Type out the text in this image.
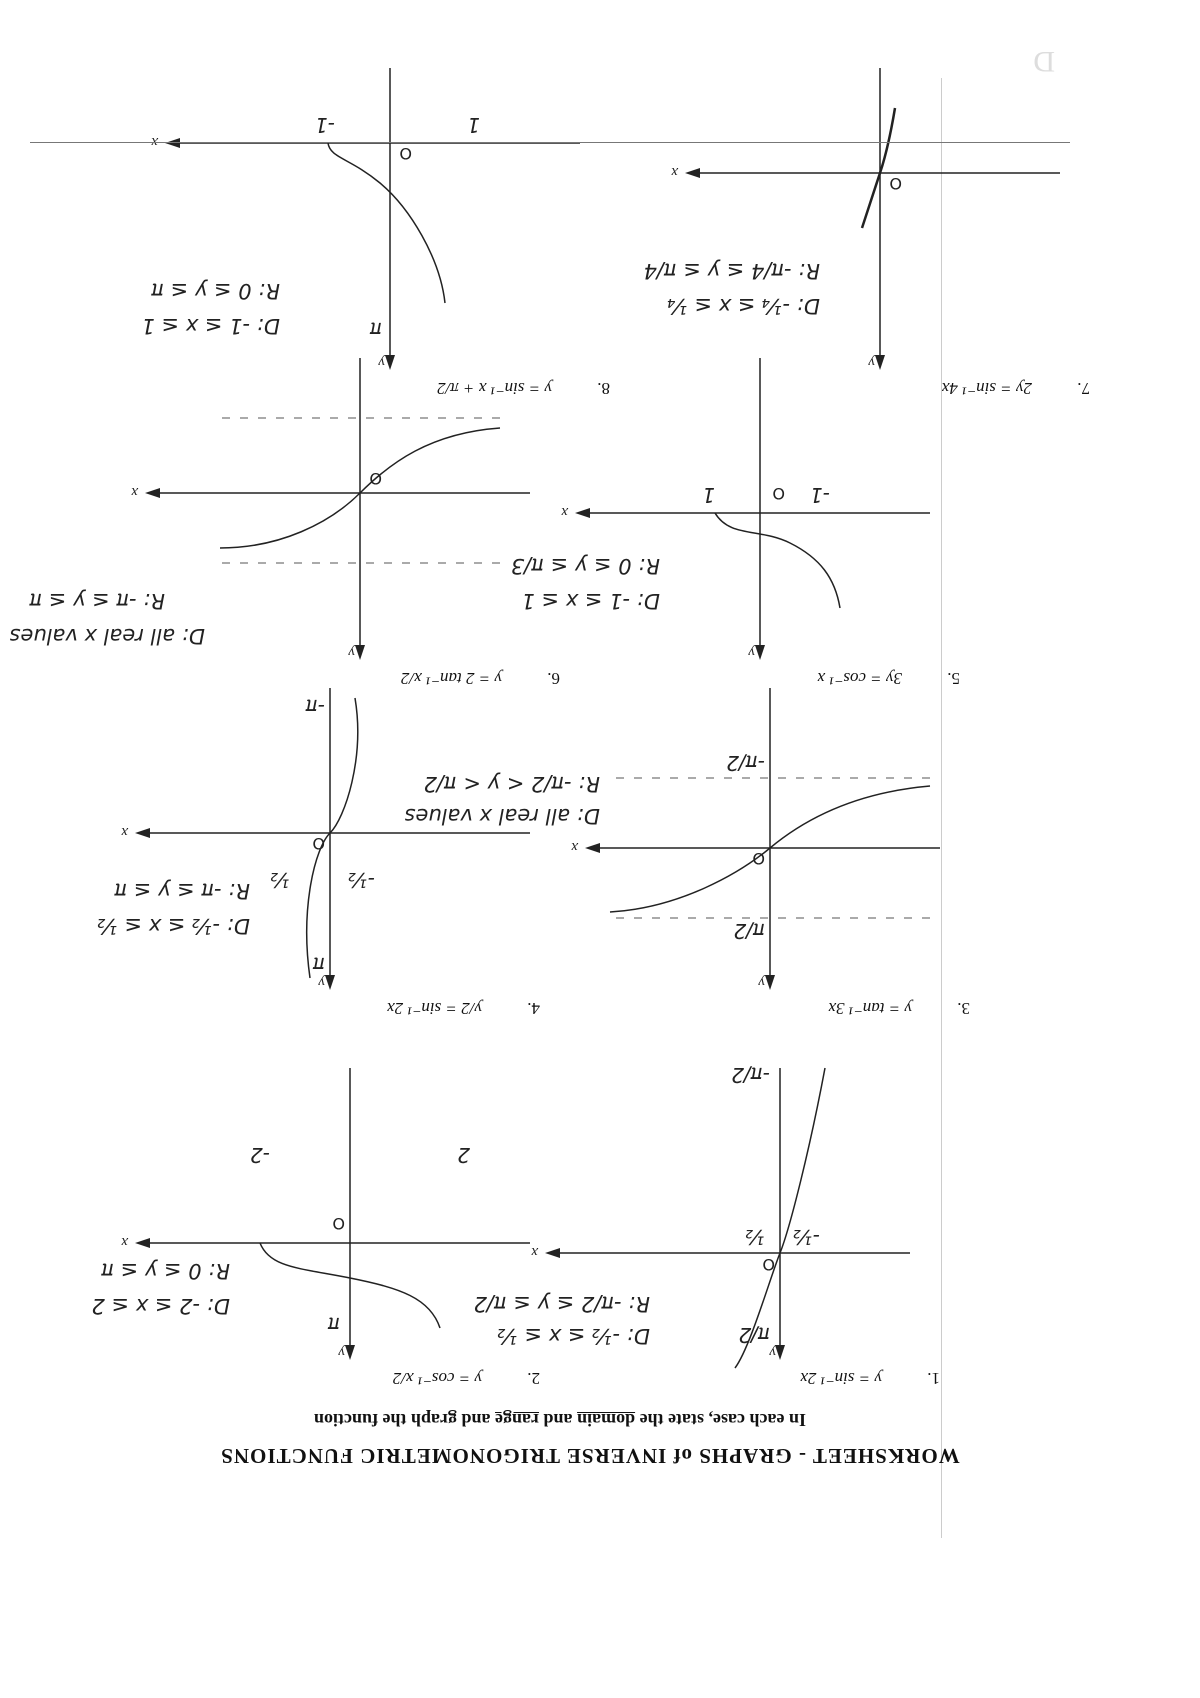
D
WORKSHEET - GRAPHS of INVERSE TRIGONOMETRIC FUNCTIONS
In each case, state the domain and range and graph the function
1.
y = sin⁻¹ 2x
x
y
O
π/2
-π/2
-½
½
D: -½ ≤ x ≤ ½
R: -π/2 ≤ y ≤ π/2
2.
y = cos⁻¹ x/2
x
y
O
π
-2	2
D: -2 ≤ x ≤ 2
R: 0 ≤ y ≤ π
3.
y = tan⁻¹ 3x
x
y
O
π/2
-π/2
D: all real x values
R: -π/2 < y < π/2
4.
y/2 = sin⁻¹ 2x
x
y
O
π
-π
½	-½
D: -½ ≤ x ≤ ½
R: -π ≤ y ≤ π
5.
3y = cos⁻¹ x
x
y
O
1	-1
D: -1 ≤ x ≤ 1
R: 0 ≤ y ≤ π/3
6.
y = 2 tan⁻¹ x/2
x
y
O
D: all real x values
R: -π ≤ y ≤ π
7.
2y = sin⁻¹ 4x
x
y
O
D: -¼ ≤ x ≤ ¼
R: -π/4 ≤ y ≤ π/4
8.
y = sin⁻¹ x + π/2
y
O
π
1
-1
D: -1 ≤ x ≤ 1
R: 0 ≤ y ≤ π
